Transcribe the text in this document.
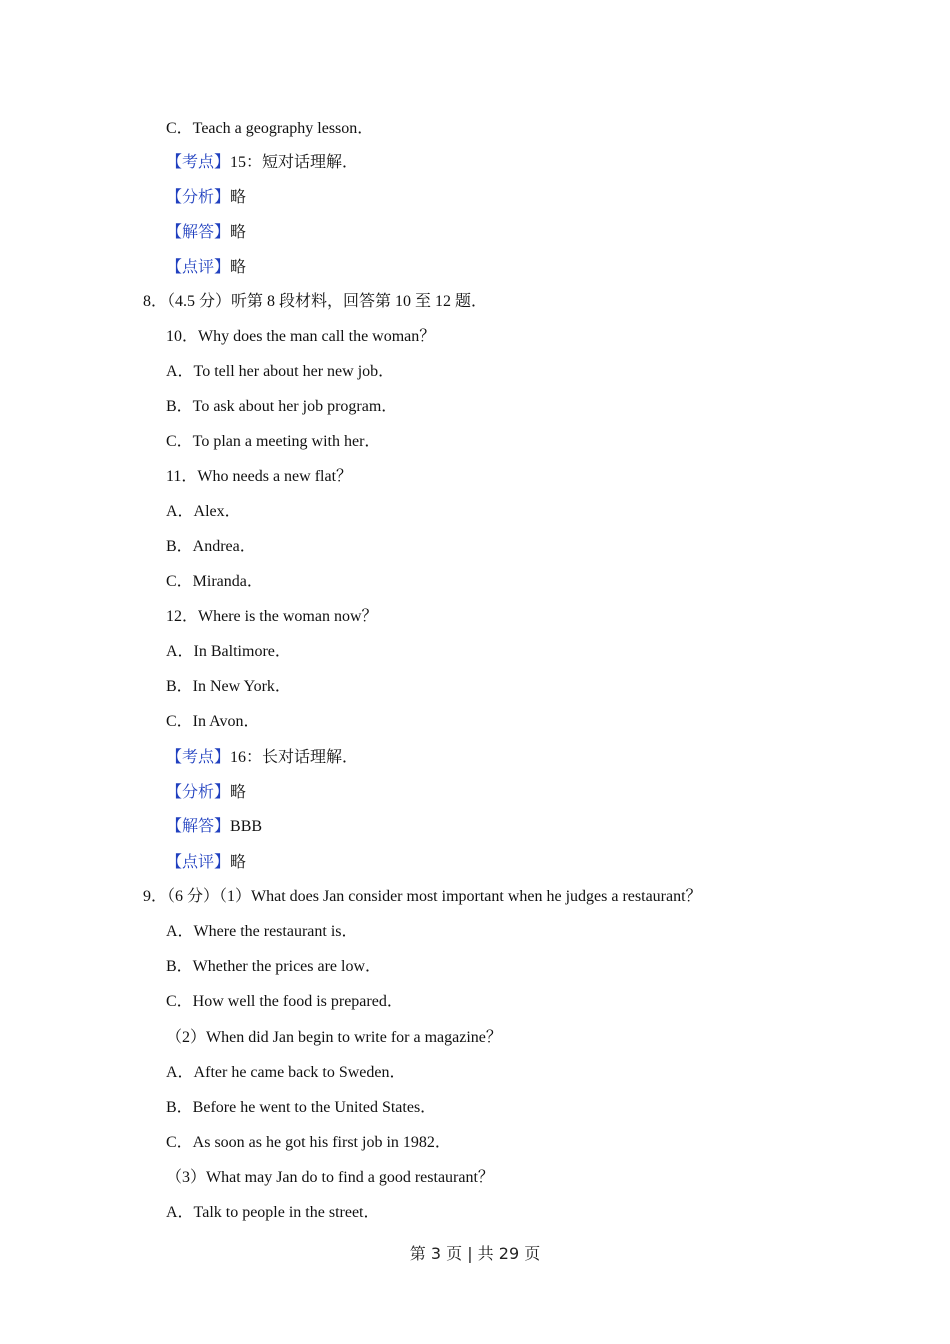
C．Teach a geography lesson．
【考点】15：短对话理解．
【分析】略
【解答】略
【点评】略
8．（4.5 分）听第 8 段材料，回答第 10 至 12 题．
10．Why does the man call the woman？
A．To tell her about her new job．
B．To ask about her job program．
C．To plan a meeting with her．
11．Who needs a new flat？
A．Alex．
B．Andrea．
C．Miranda．
12．Where is the woman now？
A．In Baltimore．
B．In New York．
C．In Avon．
【考点】16：长对话理解．
【分析】略
【解答】BBB
【点评】略
9．（6 分）（1）What does Jan consider most important when he judges a restaurant？
A．Where the restaurant is．
B．Whether the prices are low．
C．How well the food is prepared．
（2）When did Jan begin to write for a magazine？
A．After he came back to Sweden．
B．Before he went to the United States．
C．As soon as he got his first job in 1982．
（3）What may Jan do to find a good restaurant？
A．Talk to people in the street．
第 3 页 | 共 29 页
